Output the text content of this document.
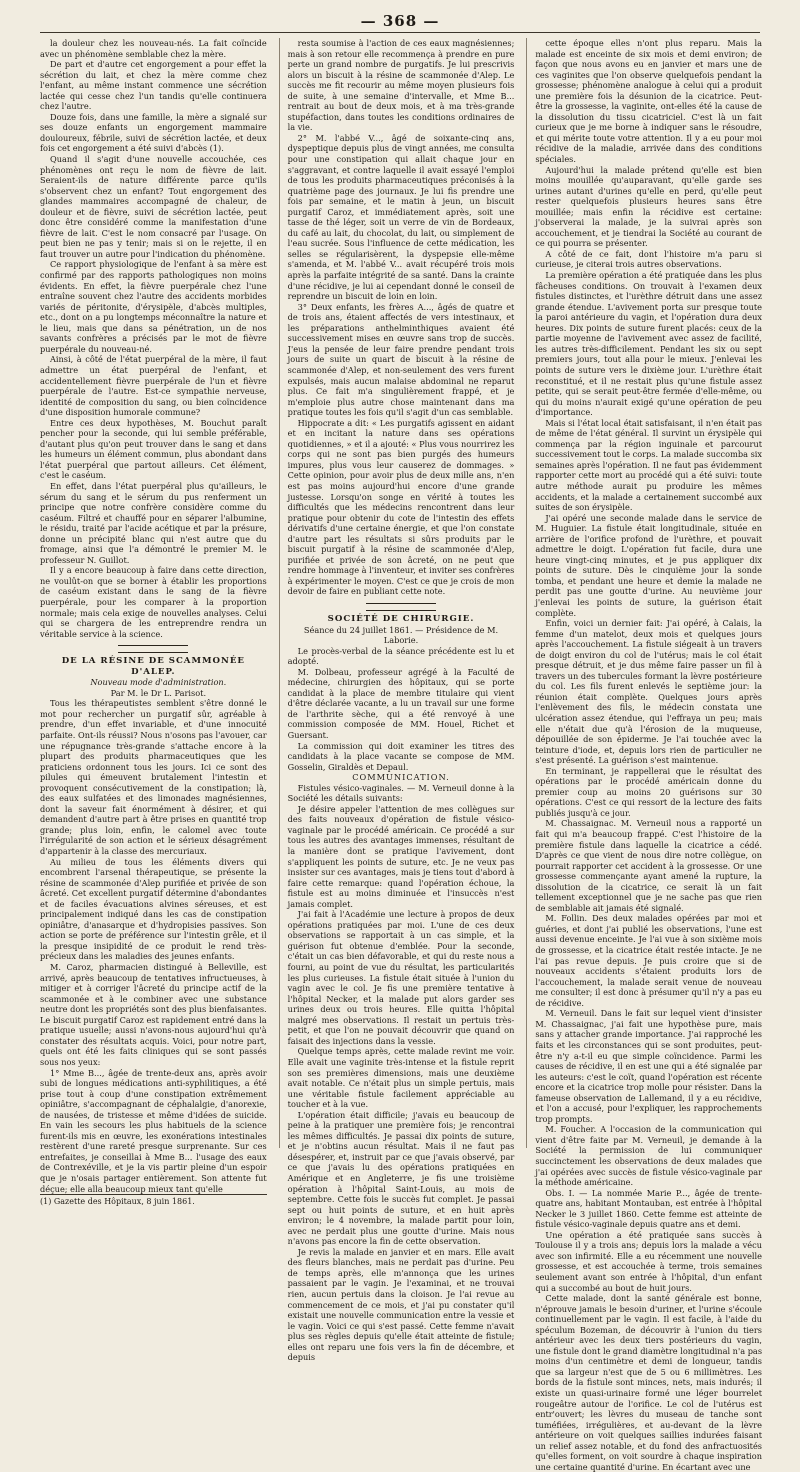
— 368 —

la douleur chez les nouveau-nés. La fait coïncide avec un phénomène semblable chez la mère.

De part et d'autre cet engorgement a pour effet la sécrétion du lait, et chez la mère comme chez l'enfant, au même instant commence une sécrétion lactée qui cesse chez l'un tandis qu'elle continuera chez l'autre.

Douze fois, dans une famille, la mère a signalé sur ses douze enfants un engorgement mammaire douloureux, fébrile, suivi de sécrétion lactée, et deux fois cet engorgement a été suivi d'abcès (1).

Quand il s'agit d'une nouvelle accouchée, ces phénomènes ont reçu le nom de fièvre de lait. Seraient-ils de nature différente parce qu'ils s'observent chez un enfant? Tout engorgement des glandes mammaires accompagné de chaleur, de douleur et de fièvre, suivi de sécrétion lactée, peut donc être considéré comme la manifestation d'une fièvre de lait. C'est le nom consacré par l'usage. On peut bien ne pas y tenir; mais si on le rejette, il en faut trouver un autre pour l'indication du phénomène.

Ce rapport physiologique de l'enfant à sa mère est confirmé par des rapports pathologiques non moins évidents. En effet, la fièvre puerpérale chez l'une entraîne souvent chez l'autre des accidents morbides variés de péritonite, d'érysipèle, d'abcès multiples, etc., dont on a pu longtemps méconnaître la nature et le lieu, mais que dans sa pénétration, un de nos savants confrères a précisés par le mot de fièvre puerpérale du nouveau-né.

Ainsi, à côté de l'état puerpéral de la mère, il faut admettre un état puerpéral de l'enfant, et accidentellement fièvre puerpérale de l'un et fièvre puerpérale de l'autre. Est-ce sympathie nerveuse, identité de composition du sang, ou bien coïncidence d'une disposition humorale commune?

Entre ces deux hypothèses, M. Bouchut paraît pencher pour la seconde, qui lui semble préférable, d'autant plus qu'on peut trouver dans le sang et dans les humeurs un élément commun, plus abondant dans l'état puerpéral que partout ailleurs. Cet élément, c'est le caséum.

En effet, dans l'état puerpéral plus qu'ailleurs, le sérum du sang et le sérum du pus renferment un principe que notre confrère considère comme du caséum. Filtré et chauffé pour en séparer l'albumine, le résidu, traité par l'acide acétique et par la présure, donne un précipité blanc qui n'est autre que du fromage, ainsi que l'a démontré le premier M. le professeur N. Guillot.

Il y a encore beaucoup à faire dans cette direction, ne voulût-on que se borner à établir les proportions de caséum existant dans le sang de la fièvre puerpérale, pour les comparer à la proportion normale; mais cela exige de nouvelles analyses. Celui qui se chargera de les entreprendre rendra un véritable service à la science.

DE LA RÉSINE DE SCAMMONÉE D'ALEP.

Nouveau mode d'administration.

Par M. le Dr L. Parisot.

Tous les thérapeutistes semblent s'être donné le mot pour rechercher un purgatif sûr, agréable à prendre, d'un effet invariable, et d'une innocuité parfaite. Ont-ils réussi? Nous n'osons pas l'avouer, car une répugnance très-grande s'attache encore à la plupart des produits pharmaceutiques que les praticiens ordonnent tous les jours. Ici ce sont des pilules qui émeuvent brutalement l'intestin et provoquent consécutivement de la constipation; là, des eaux sulfatées et des limonades magnésiennes, dont la saveur fait énormément à désirer, et qui demandent d'autre part à être prises en quantité trop grande; plus loin, enfin, le calomel avec toute l'irrégularité de son action et le sérieux désagrément d'appartenir à la classe des mercuriaux.

Au milieu de tous les éléments divers qui encombrent l'arsenal thérapeutique, se présente la résine de scammonée d'Alep purifiée et privée de son âcreté. Cet excellent purgatif détermine d'abondantes et de faciles évacuations alvines séreuses, et est principalement indiqué dans les cas de constipation opiniâtre, d'anasarque et d'hydropisies passives. Son action se porte de préférence sur l'intestin grêle, et il la presque insipidité de ce produit le rend très-précieux dans les maladies des jeunes enfants.

M. Caroz, pharmacien distingué à Belleville, est arrivé, après beaucoup de tentatives infructueuses, à mitiger et à corriger l'âcreté du principe actif de la scammonée et à le combiner avec une substance neutre dont les propriétés sont des plus bienfaisantes. Le biscuit purgatif Caroz est rapidement entré dans la pratique usuelle; aussi n'avons-nous aujourd'hui qu'à constater des résultats acquis. Voici, pour notre part, quels ont été les faits cliniques qui se sont passés sous nos yeux:

1° Mme B..., âgée de trente-deux ans, après avoir subi de longues médications anti-syphilitiques, a été prise tout à coup d'une constipation extrêmement opiniâtre, s'accompagnant de céphalalgie, d'anorexie, de nausées, de tristesse et même d'idées de suicide. En vain les secours les plus habituels de la science furent-ils mis en œuvre, les exonérations intestinales restèrent d'une rareté presque surprenante. Sur ces entrefaites, je conseillai à Mme B... l'usage des eaux de Contrexéville, et je la vis partir pleine d'un espoir que je n'osais partager entièrement. Son attente fut déçue; elle alla beaucoup mieux tant qu'elle

(1) Gazette des Hôpitaux, 8 juin 1861.

resta soumise à l'action de ces eaux magnésiennes; mais à son retour elle recommença à prendre en pure perte un grand nombre de purgatifs. Je lui prescrivis alors un biscuit à la résine de scammonée d'Alep. Le succès me fit recourir au même moyen plusieurs fois de suite, à une semaine d'intervalle, et Mme B... rentrait au bout de deux mois, et à ma très-grande stupéfaction, dans toutes les conditions ordinaires de la vie.

2° M. l'abbé V..., âgé de soixante-cinq ans, dyspeptique depuis plus de vingt années, me consulta pour une constipation qui allait chaque jour en s'aggravant, et contre laquelle il avait essayé l'emploi de tous les produits pharmaceutiques préconisés à la quatrième page des journaux. Je lui fis prendre une fois par semaine, et le matin à jeun, un biscuit purgatif Caroz, et immédiatement après, soit une tasse de thé léger, soit un verre de vin de Bordeaux, du café au lait, du chocolat, du lait, ou simplement de l'eau sucrée. Sous l'influence de cette médication, les selles se régularisèrent, la dyspepsie elle-même s'amenda, et M. l'abbé V... avait récupéré trois mois après la parfaite intégrité de sa santé. Dans la crainte d'une récidive, je lui ai cependant donné le conseil de reprendre un biscuit de loin en loin.

3° Deux enfants, les frères A..., âgés de quatre et de trois ans, étaient affectés de vers intestinaux, et les préparations anthelminthiques avaient été successivement mises en œuvre sans trop de succès. J'eus la pensée de leur faire prendre pendant trois jours de suite un quart de biscuit à la résine de scammonée d'Alep, et non-seulement des vers furent expulsés, mais aucun malaise abdominal ne reparut plus. Ce fait m'a singulièrement frappé, et je m'emploie plus autre chose maintenant dans ma pratique toutes les fois qu'il s'agit d'un cas semblable.

Hippocrate a dit: « Les purgatifs agissent en aidant et en incitant la nature dans ses opérations quotidiennes, » et il a ajouté: « Plus vous nourrirez les corps qui ne sont pas bien purgés des humeurs impures, plus vous leur causerez de dommages. » Cette opinion, pour avoir plus de deux mille ans, n'en est pas moins aujourd'hui encore d'une grande justesse. Lorsqu'on songe en vérité à toutes les difficultés que les médecins rencontrent dans leur pratique pour obtenir du cote de l'intestin des effets dérivatifs d'une certaine énergie, et que l'on constate d'autre part les résultats si sûrs produits par le biscuit purgatif à la résine de scammonée d'Alep, purifiée et privée de son âcreté, on ne peut que rendre hommage à l'inventeur, et inviter ses confrères à expérimenter le moyen. C'est ce que je crois de mon devoir de faire en publiant cette note.

SOCIÉTÉ DE CHIRURGIE.

Séance du 24 juillet 1861. — Présidence de M. Laborie.

Le procès-verbal de la séance précédente est lu et adopté.

M. Dolbeau, professeur agrégé à la Faculté de médecine, chirurgien des hôpitaux, qui se porte candidat à la place de membre titulaire qui vient d'être déclarée vacante, a lu un travail sur une forme de l'arthrite sèche, qui a été renvoyé à une commission composée de MM. Houel, Richet et Guersant.

La commission qui doit examiner les titres des candidats à la place vacante se compose de MM. Gosselin, Giraldès et Depaul.

COMMUNICATION.

Fistules vésico-vaginales. — M. Verneuil donne à la Société les détails suivants:

Je désire appeler l'attention de mes collègues sur des faits nouveaux d'opération de fistule vésico-vaginale par le procédé américain. Ce procédé a sur tous les autres des avantages immenses, résultant de la manière dont se pratique l'avivement, dont s'appliquent les points de suture, etc. Je ne veux pas insister sur ces avantages, mais je tiens tout d'abord à faire cette remarque: quand l'opération échoue, la fistule est au moins diminuée et l'insuccès n'est jamais complet.

J'ai fait à l'Académie une lecture à propos de deux opérations pratiquées par moi. L'une de ces deux observations se rapportait à un cas simple, et la guérison fut obtenue d'emblée. Pour la seconde, c'était un cas bien défavorable, et qui du reste nous a fourni, au point de vue du résultat, les particularités les plus curieuses. La fistule était située à l'union du vagin avec le col. Je fis une première tentative à l'hôpital Necker, et la malade put alors garder ses urines deux ou trois heures. Elle quitta l'hôpital malgré mes observations. Il restait un pertuis très-petit, et que l'on ne pouvait découvrir que quand on faisait des injections dans la vessie.

Quelque temps après, cette malade revint me voir. Elle avait une vaginite très-intense et la fistule reprit son ses premières dimensions, mais une deuxième avait notable. Ce n'était plus un simple pertuis, mais une véritable fistule facilement appréciable au toucher et à la vue.

L'opération était difficile; j'avais eu beaucoup de peine à la pratiquer une première fois; je rencontrai les mêmes difficultés. Je passai dix points de suture, et je n'obtins aucun résultat. Mais il ne faut pas désespérer, et, instruit par ce que j'avais observé, par ce que j'avais lu des opérations pratiquées en Amérique et en Angleterre, je fis une troisième opération à l'hôpital Saint-Louis, au mois de septembre. Cette fois le succès fut complet. Je passai sept ou huit points de suture, et en huit après environ; le 4 novembre, la malade partit pour loin, avec ne perdait plus une goutte d'urine. Mais nous n'avons pas encore la fin de cette observation.

Je revis la malade en janvier et en mars. Elle avait des fleurs blanches, mais ne perdait pas d'urine. Peu de temps après, elle m'annonça que les urines passaient par le vagin. Je l'examinai, et ne trouvai rien, aucun pertuis dans la cloison. Je l'ai revue au commencement de ce mois, et j'ai pu constater qu'il existait une nouvelle communication entre la vessie et le vagin. Voici ce qui s'est passé. Cette femme n'avait plus ses règles depuis qu'elle était atteinte de fistule; elles ont reparu une fois vers la fin de décembre, et depuis

cette époque elles n'ont plus reparu. Mais la malade est enceinte de six mois et demi environ; de façon que nous avons eu en janvier et mars une de ces vaginites que l'on observe quelquefois pendant la grossesse; phénomène analogue à celui qui a produit une première fois la désunion de la cicatrice. Peut-être la grossesse, la vaginite, ont-elles été la cause de la dissolution du tissu cicatriciel. C'est là un fait curieux que je me borne à indiquer sans le résoudre, et qui mérite toute votre attention. Il y a eu pour moi récidive de la maladie, arrivée dans des conditions spéciales.

Aujourd'hui la malade prétend qu'elle est bien moins mouillée qu'auparavant, qu'elle garde ses urines autant d'urines qu'elle en perd, qu'elle peut rester quelquefois plusieurs heures sans être mouillée; mais enfin la récidive est certaine: j'observerai la malade, je la suivrai après son accouchement, et je tiendrai la Société au courant de ce qui pourra se présenter.

A côté de ce fait, dont l'histoire m'a paru si curieuse, je citerai trois autres observations.

La première opération a été pratiquée dans les plus fâcheuses conditions. On trouvait à l'examen deux fistules distinctes, et l'urèthre détruit dans une assez grande étendue. L'avivement porta sur presque toute la paroi antérieure du vagin, et l'opération dura deux heures. Dix points de suture furent placés: ceux de la partie moyenne de l'avivement avec assez de facilité, les autres très-difficilement. Pendant les six ou sept premiers jours, tout alla pour le mieux. J'enlevai les points de suture vers le dixième jour. L'urèthre était reconstitué, et il ne restait plus qu'une fistule assez petite, qui se serait peut-être fermée d'elle-même, ou qui du moins n'aurait exigé qu'une opération de peu d'importance.

Mais si l'état local était satisfaisant, il n'en était pas de même de l'état général. Il survint un érysipèle qui commença par la région inguinale et parcourut successivement tout le corps. La malade succomba six semaines après l'opération. Il ne faut pas évidemment rapporter cette mort au procédé qui a été suivi: toute autre méthode aurait pu produire les mêmes accidents, et la malade a certainement succombé aux suites de son érysipèle.

J'ai opéré une seconde malade dans le service de M. Huguier. La fistule était longitudinale, située en arrière de l'orifice profond de l'urèthre, et pouvait admettre le doigt. L'opération fut facile, dura une heure vingt-cinq minutes, et je pus appliquer dix points de suture. Dès le cinquième jour la sonde tomba, et pendant une heure et demie la malade ne perdit pas une goutte d'urine. Au neuvième jour j'enlevai les points de suture, la guérison était complète.

Enfin, voici un dernier fait: J'ai opéré, à Calais, la femme d'un matelot, deux mois et quelques jours après l'accouchement. La fistule siégeait à un travers de doigt environ du col de l'utérus; mais le col était presque détruit, et je dus même faire passer un fil à travers un des tubercules formant la lèvre postérieure du col. Les fils furent enlevés le septième jour: la réunion était complète. Quelques jours après l'enlèvement des fils, le médecin constata une ulcération assez étendue, qui l'effraya un peu; mais elle n'était due qu'à l'érosion de la muqueuse, dépouillée de son épiderme. Je l'ai touchée avec la teinture d'iode, et, depuis lors rien de particulier ne s'est présenté. La guérison s'est maintenue.

En terminant, je rappellerai que le résultat des opérations par le procédé américain donne du premier coup au moins 20 guérisons sur 30 opérations. C'est ce qui ressort de la lecture des faits publiés jusqu'à ce jour.

M. Chassaignac. M. Verneuil nous a rapporté un fait qui m'a beaucoup frappé. C'est l'histoire de la première fistule dans laquelle la cicatrice a cédé. D'après ce que vient de nous dire notre collègue, on pourrait rapporter cet accident à la grossesse. Or une grossesse commençante ayant amené la rupture, la dissolution de la cicatrice, ce serait là un fait tellement exceptionnel que je ne sache pas que rien de semblable ait jamais été signalé.

M. Follin. Des deux malades opérées par moi et guéries, et dont j'ai publié les observations, l'une est aussi devenue enceinte. Je l'ai vue à son sixième mois de grossesse, et la cicatrice était restée intacte. Je ne l'ai pas revue depuis. Je puis croire que si de nouveaux accidents s'étaient produits lors de l'accouchement, la malade serait venue de nouveau me consulter; il est donc à présumer qu'il n'y a pas eu de récidive.

M. Verneuil. Dans le fait sur lequel vient d'insister M. Chassaignac, j'ai fait une hypothèse pure, mais sans y attacher grande importance. J'ai rapproché les faits et les circonstances qui se sont produites, peut-être n'y a-t-il eu que simple coïncidence. Parmi les causes de récidive, il en est une qui a été signalée par les auteurs: c'est le coït, quand l'opération est récente encore et la cicatrice trop molle pour résister. Dans la fameuse observation de Lallemand, il y a eu récidive, et l'on a accusé, pour l'expliquer, les rapprochements trop prompts.

M. Foucher. A l'occasion de la communication qui vient d'être faite par M. Verneuil, je demande à la Société la permission de lui communiquer succinctement les observations de deux malades que j'ai opérées avec succès de fistule vésico-vaginale par la méthode américaine.

Obs. I. — La nommée Marie P..., âgée de trente-quatre ans, habitant Montauban, est entrée à l'hôpital Necker le 3 juillet 1860. Cette femme est atteinte de fistule vésico-vaginale depuis quatre ans et demi.

Une opération a été pratiquée sans succès à Toulouse il y a trois ans; depuis lors la malade a vécu avec son infirmité. Elle a eu récemment une nouvelle grossesse, et est accouchée à terme, trois semaines seulement avant son entrée à l'hôpital, d'un enfant qui a succombé au bout de huit jours.

Cette malade, dont la santé générale est bonne, n'éprouve jamais le besoin d'uriner, et l'urine s'écoule continuellement par le vagin. Il est facile, à l'aide du spéculum Bozeman, de découvrir à l'union du tiers antérieur avec les deux tiers postérieurs du vagin, une fistule dont le grand diamètre longitudinal n'a pas moins d'un centimètre et demi de longueur, tandis que sa largeur n'est que de 5 ou 6 millimètres. Les bords de la fistule sont minces, nets, mais indurés; il existe un quasi-urinaire formé une léger bourrelet rougeâtre autour de l'orifice. Le col de l'utérus est entr'ouvert; les lèvres du museau de tanche sont tuméfiées, irrégulières, et au-devant de la lèvre antérieure on voit quelques saillies indurées faisant un relief assez notable, et du fond des anfractuosités qu'elles forment, on voit sourdre à chaque inspiration une certaine quantité d'urine. En écartant avec une
